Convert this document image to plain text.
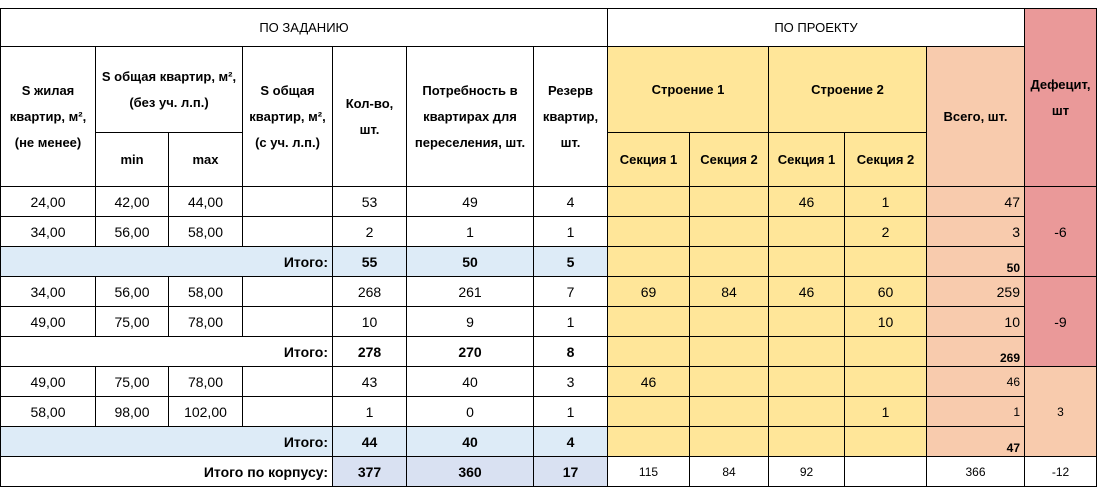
ПО ЗАДАНИЮ							ПО ПРОЕКТУ					Дефецит, шт
S жилая квартир, м², (не менее)	S общая квартир, м², (без уч. л.п.)		S общая квартир, м², (с уч. л.п.)	Кол-во, шт.	Потребность в квартирах для переселения, шт.	Резерв квартир, шт.	Строение 1		Строение 2		Всего, шт.	
	min	max					Секция 1	Секция 2	Секция 1	Секция 2		
24,00	42,00	44,00		53	49	4			46	1	47	-6
34,00	56,00	58,00		2	1	1				2	3	
Итого:				55	50	5					50	
34,00	56,00	58,00		268	261	7	69	84	46	60	259	-9
49,00	75,00	78,00		10	9	1				10	10	
Итого:				278	270	8					269	
49,00	75,00	78,00		43	40	3	46				46	3
58,00	98,00	102,00		1	0	1				1	1	
Итого:				44	40	4					47	
Итого по корпусу:				377	360	17	115	84	92		366	-12
